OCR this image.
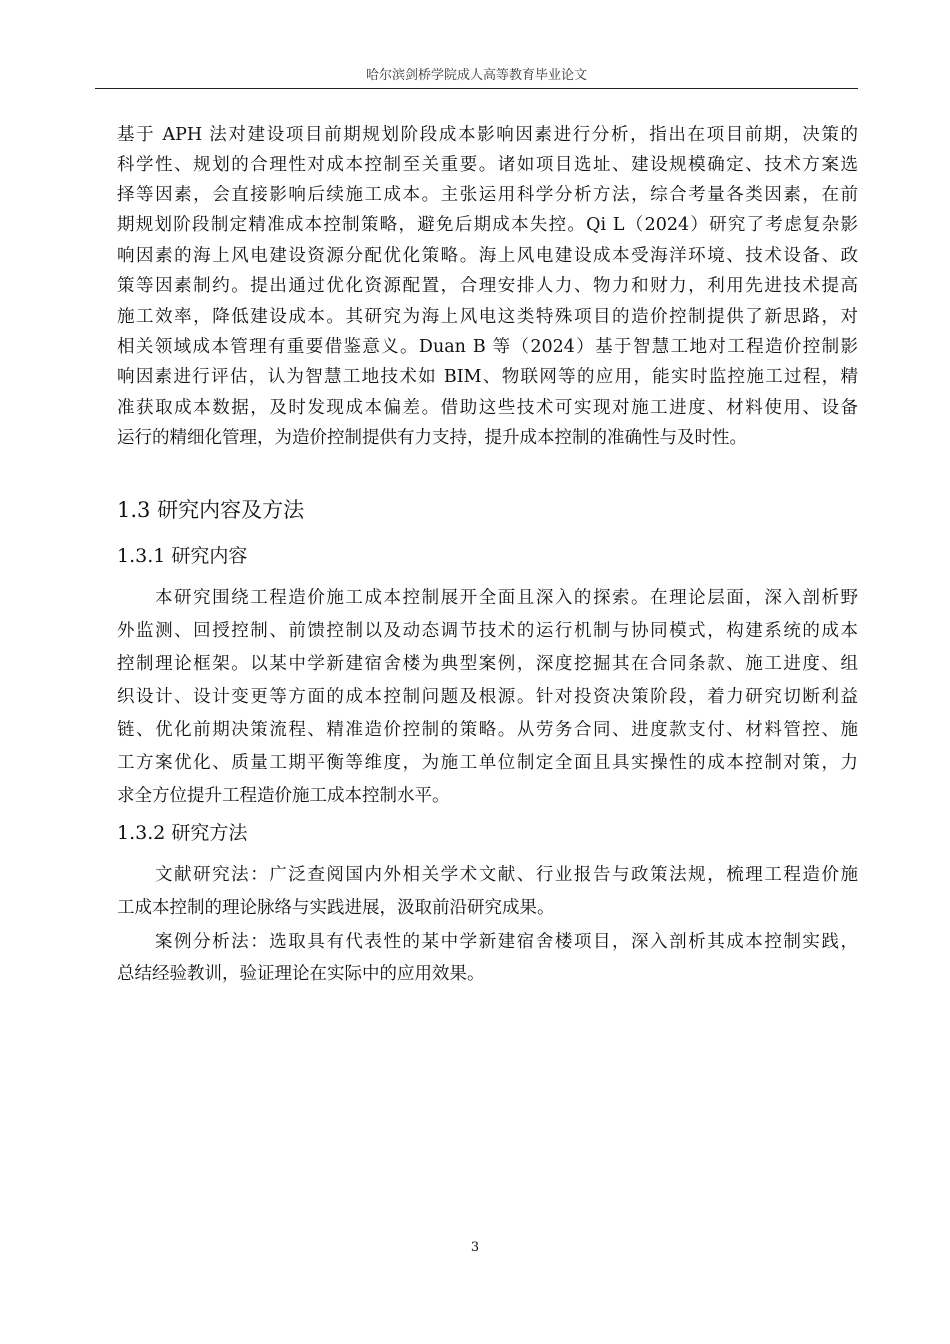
哈尔滨剑桥学院成人高等教育毕业论文
基于 APH 法对建设项目前期规划阶段成本影响因素进行分析，指出在项目前期，决策的
科学性、规划的合理性对成本控制至关重要。诸如项目选址、建设规模确定、技术方案选
择等因素，会直接影响后续施工成本。主张运用科学分析方法，综合考量各类因素，在前
期规划阶段制定精准成本控制策略，避免后期成本失控。Qi L（2024）研究了考虑复杂影
响因素的海上风电建设资源分配优化策略。海上风电建设成本受海洋环境、技术设备、政
策等因素制约。提出通过优化资源配置，合理安排人力、物力和财力，利用先进技术提高
施工效率，降低建设成本。其研究为海上风电这类特殊项目的造价控制提供了新思路，对
相关领域成本管理有重要借鉴意义。Duan B 等（2024）基于智慧工地对工程造价控制影
响因素进行评估，认为智慧工地技术如 BIM、物联网等的应用，能实时监控施工过程，精
准获取成本数据，及时发现成本偏差。借助这些技术可实现对施工进度、材料使用、设备
运行的精细化管理，为造价控制提供有力支持，提升成本控制的准确性与及时性。
1.3 研究内容及方法
1.3.1 研究内容
本研究围绕工程造价施工成本控制展开全面且深入的探索。在理论层面，深入剖析野
外监测、回授控制、前馈控制以及动态调节技术的运行机制与协同模式，构建系统的成本
控制理论框架。以某中学新建宿舍楼为典型案例，深度挖掘其在合同条款、施工进度、组
织设计、设计变更等方面的成本控制问题及根源。针对投资决策阶段，着力研究切断利益
链、优化前期决策流程、精准造价控制的策略。从劳务合同、进度款支付、材料管控、施
工方案优化、质量工期平衡等维度，为施工单位制定全面且具实操性的成本控制对策，力
求全方位提升工程造价施工成本控制水平。
1.3.2 研究方法
文献研究法：广泛查阅国内外相关学术文献、行业报告与政策法规，梳理工程造价施
工成本控制的理论脉络与实践进展，汲取前沿研究成果。
案例分析法：选取具有代表性的某中学新建宿舍楼项目，深入剖析其成本控制实践，
总结经验教训，验证理论在实际中的应用效果。
3
